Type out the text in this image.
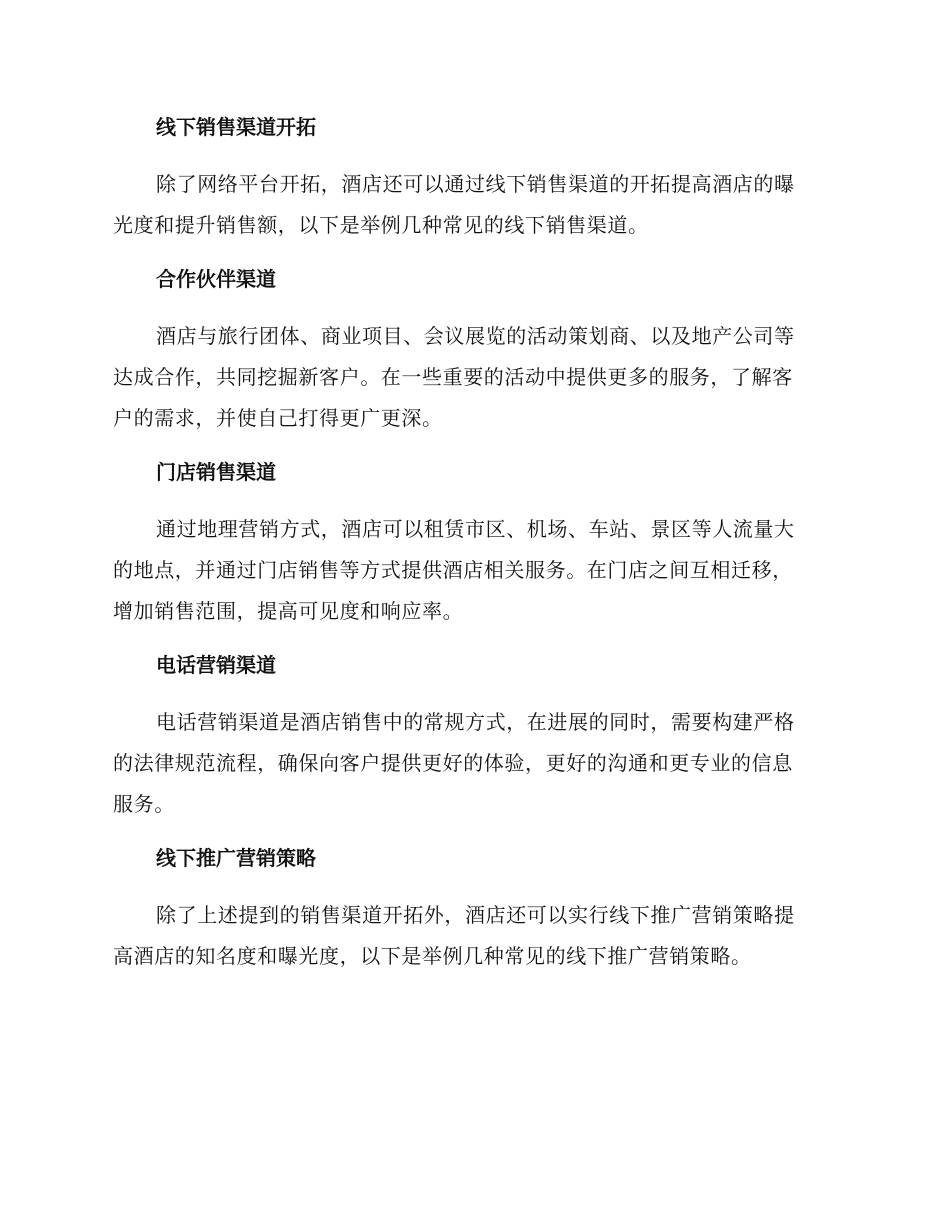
线下销售渠道开拓

除了网络平台开拓，酒店还可以通过线下销售渠道的开拓提高酒店的曝
光度和提升销售额，以下是举例几种常见的线下销售渠道。

合作伙伴渠道

酒店与旅行团体、商业项目、会议展览的活动策划商、以及地产公司等
达成合作，共同挖掘新客户。在一些重要的活动中提供更多的服务，了解客
户的需求，并使自己打得更广更深。

门店销售渠道

通过地理营销方式，酒店可以租赁市区、机场、车站、景区等人流量大
的地点，并通过门店销售等方式提供酒店相关服务。在门店之间互相迁移，
增加销售范围，提高可见度和响应率。

电话营销渠道

电话营销渠道是酒店销售中的常规方式，在进展的同时，需要构建严格
的法律规范流程，确保向客户提供更好的体验，更好的沟通和更专业的信息
服务。

线下推广营销策略

除了上述提到的销售渠道开拓外，酒店还可以实行线下推广营销策略提
高酒店的知名度和曝光度，以下是举例几种常见的线下推广营销策略。
